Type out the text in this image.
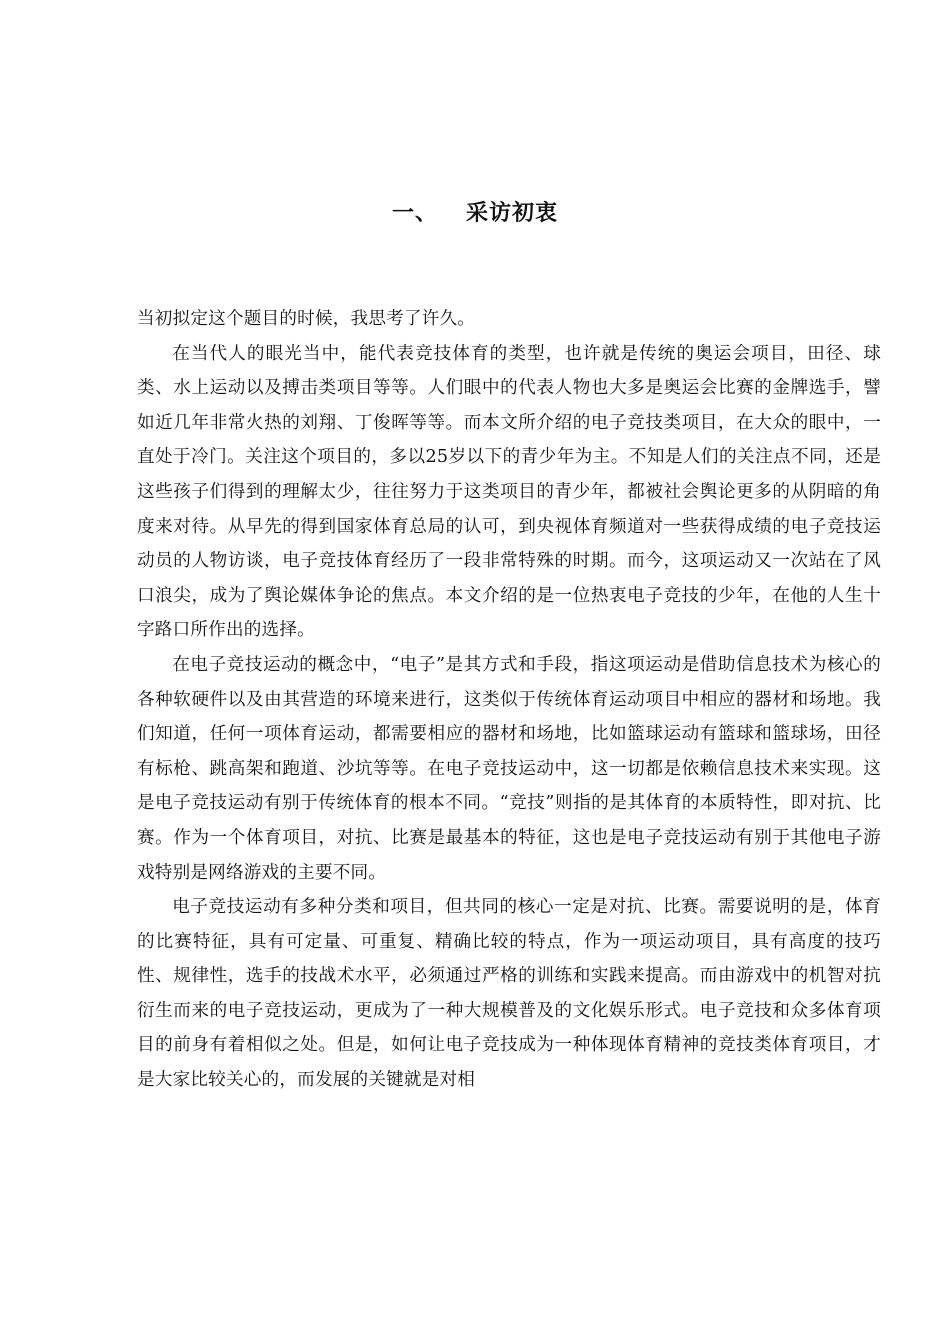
一、 采访初衷

当初拟定这个题目的时候，我思考了许久。

在当代人的眼光当中，能代表竞技体育的类型，也许就是传统的奥运会项目，田径、球类、水上运动以及搏击类项目等等。人们眼中的代表人物也大多是奥运会比赛的金牌选手，譬如近几年非常火热的刘翔、丁俊晖等等。而本文所介绍的电子竞技类项目，在大众的眼中，一直处于冷门。关注这个项目的，多以25岁以下的青少年为主。不知是人们的关注点不同，还是这些孩子们得到的理解太少，往往努力于这类项目的青少年，都被社会舆论更多的从阴暗的角度来对待。从早先的得到国家体育总局的认可，到央视体育频道对一些获得成绩的电子竞技运动员的人物访谈，电子竞技体育经历了一段非常特殊的时期。而今，这项运动又一次站在了风口浪尖，成为了舆论媒体争论的焦点。本文介绍的是一位热衷电子竞技的少年，在他的人生十字路口所作出的选择。

在电子竞技运动的概念中，“电子”是其方式和手段，指这项运动是借助信息技术为核心的各种软硬件以及由其营造的环境来进行，这类似于传统体育运动项目中相应的器材和场地。我们知道，任何一项体育运动，都需要相应的器材和场地，比如篮球运动有篮球和篮球场，田径有标枪、跳高架和跑道、沙坑等等。在电子竞技运动中，这一切都是依赖信息技术来实现。这是电子竞技运动有别于传统体育的根本不同。“竞技”则指的是其体育的本质特性，即对抗、比赛。作为一个体育项目，对抗、比赛是最基本的特征，这也是电子竞技运动有别于其他电子游戏特别是网络游戏的主要不同。

电子竞技运动有多种分类和项目，但共同的核心一定是对抗、比赛。需要说明的是，体育的比赛特征，具有可定量、可重复、精确比较的特点，作为一项运动项目，具有高度的技巧性、规律性，选手的技战术水平，必须通过严格的训练和实践来提高。而由游戏中的机智对抗衍生而来的电子竞技运动，更成为了一种大规模普及的文化娱乐形式。电子竞技和众多体育项目的前身有着相似之处。但是，如何让电子竞技成为一种体现体育精神的竞技类体育项目，才是大家比较关心的，而发展的关键就是对相
